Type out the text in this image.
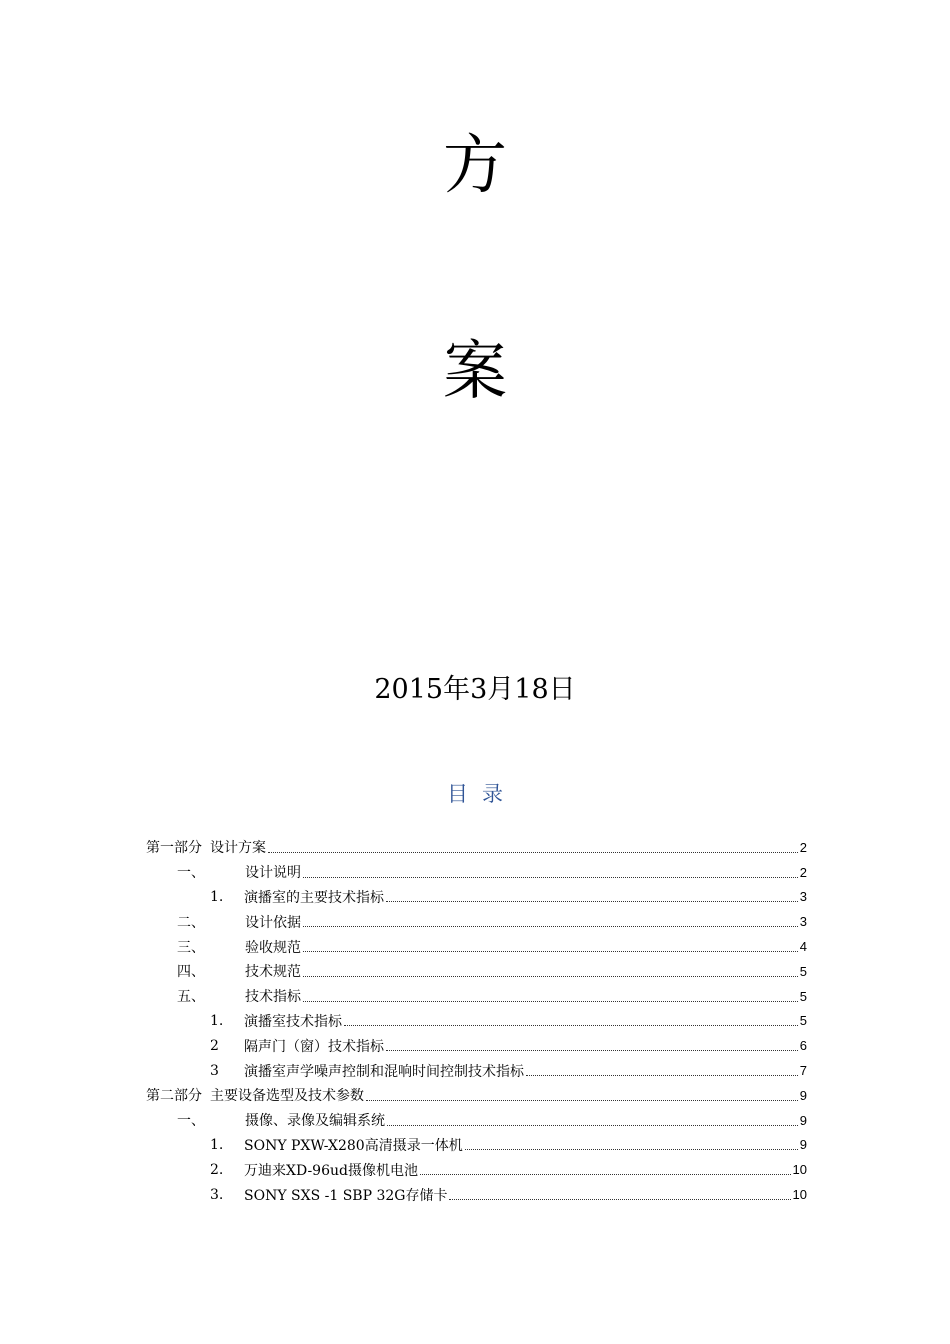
方
案
2015年3月18日
目录
第一部分 设计方案	2
一、	设计说明	2
1.	演播室的主要技术指标	3
二、	设计依据	3
三、	验收规范	4
四、	技术规范	5
五、	技术指标	5
1.	演播室技术指标	5
2	隔声门（窗）技术指标	6
3	演播室声学噪声控制和混响时间控制技术指标	7
第二部分 主要设备选型及技术参数	9
一、	摄像、录像及编辑系统	9
1.	SONY PXW-X280高清摄录一体机	9
2.	万迪来XD-96ud摄像机电池	10
3.	SONY SXS -1 SBP 32G存储卡	10
